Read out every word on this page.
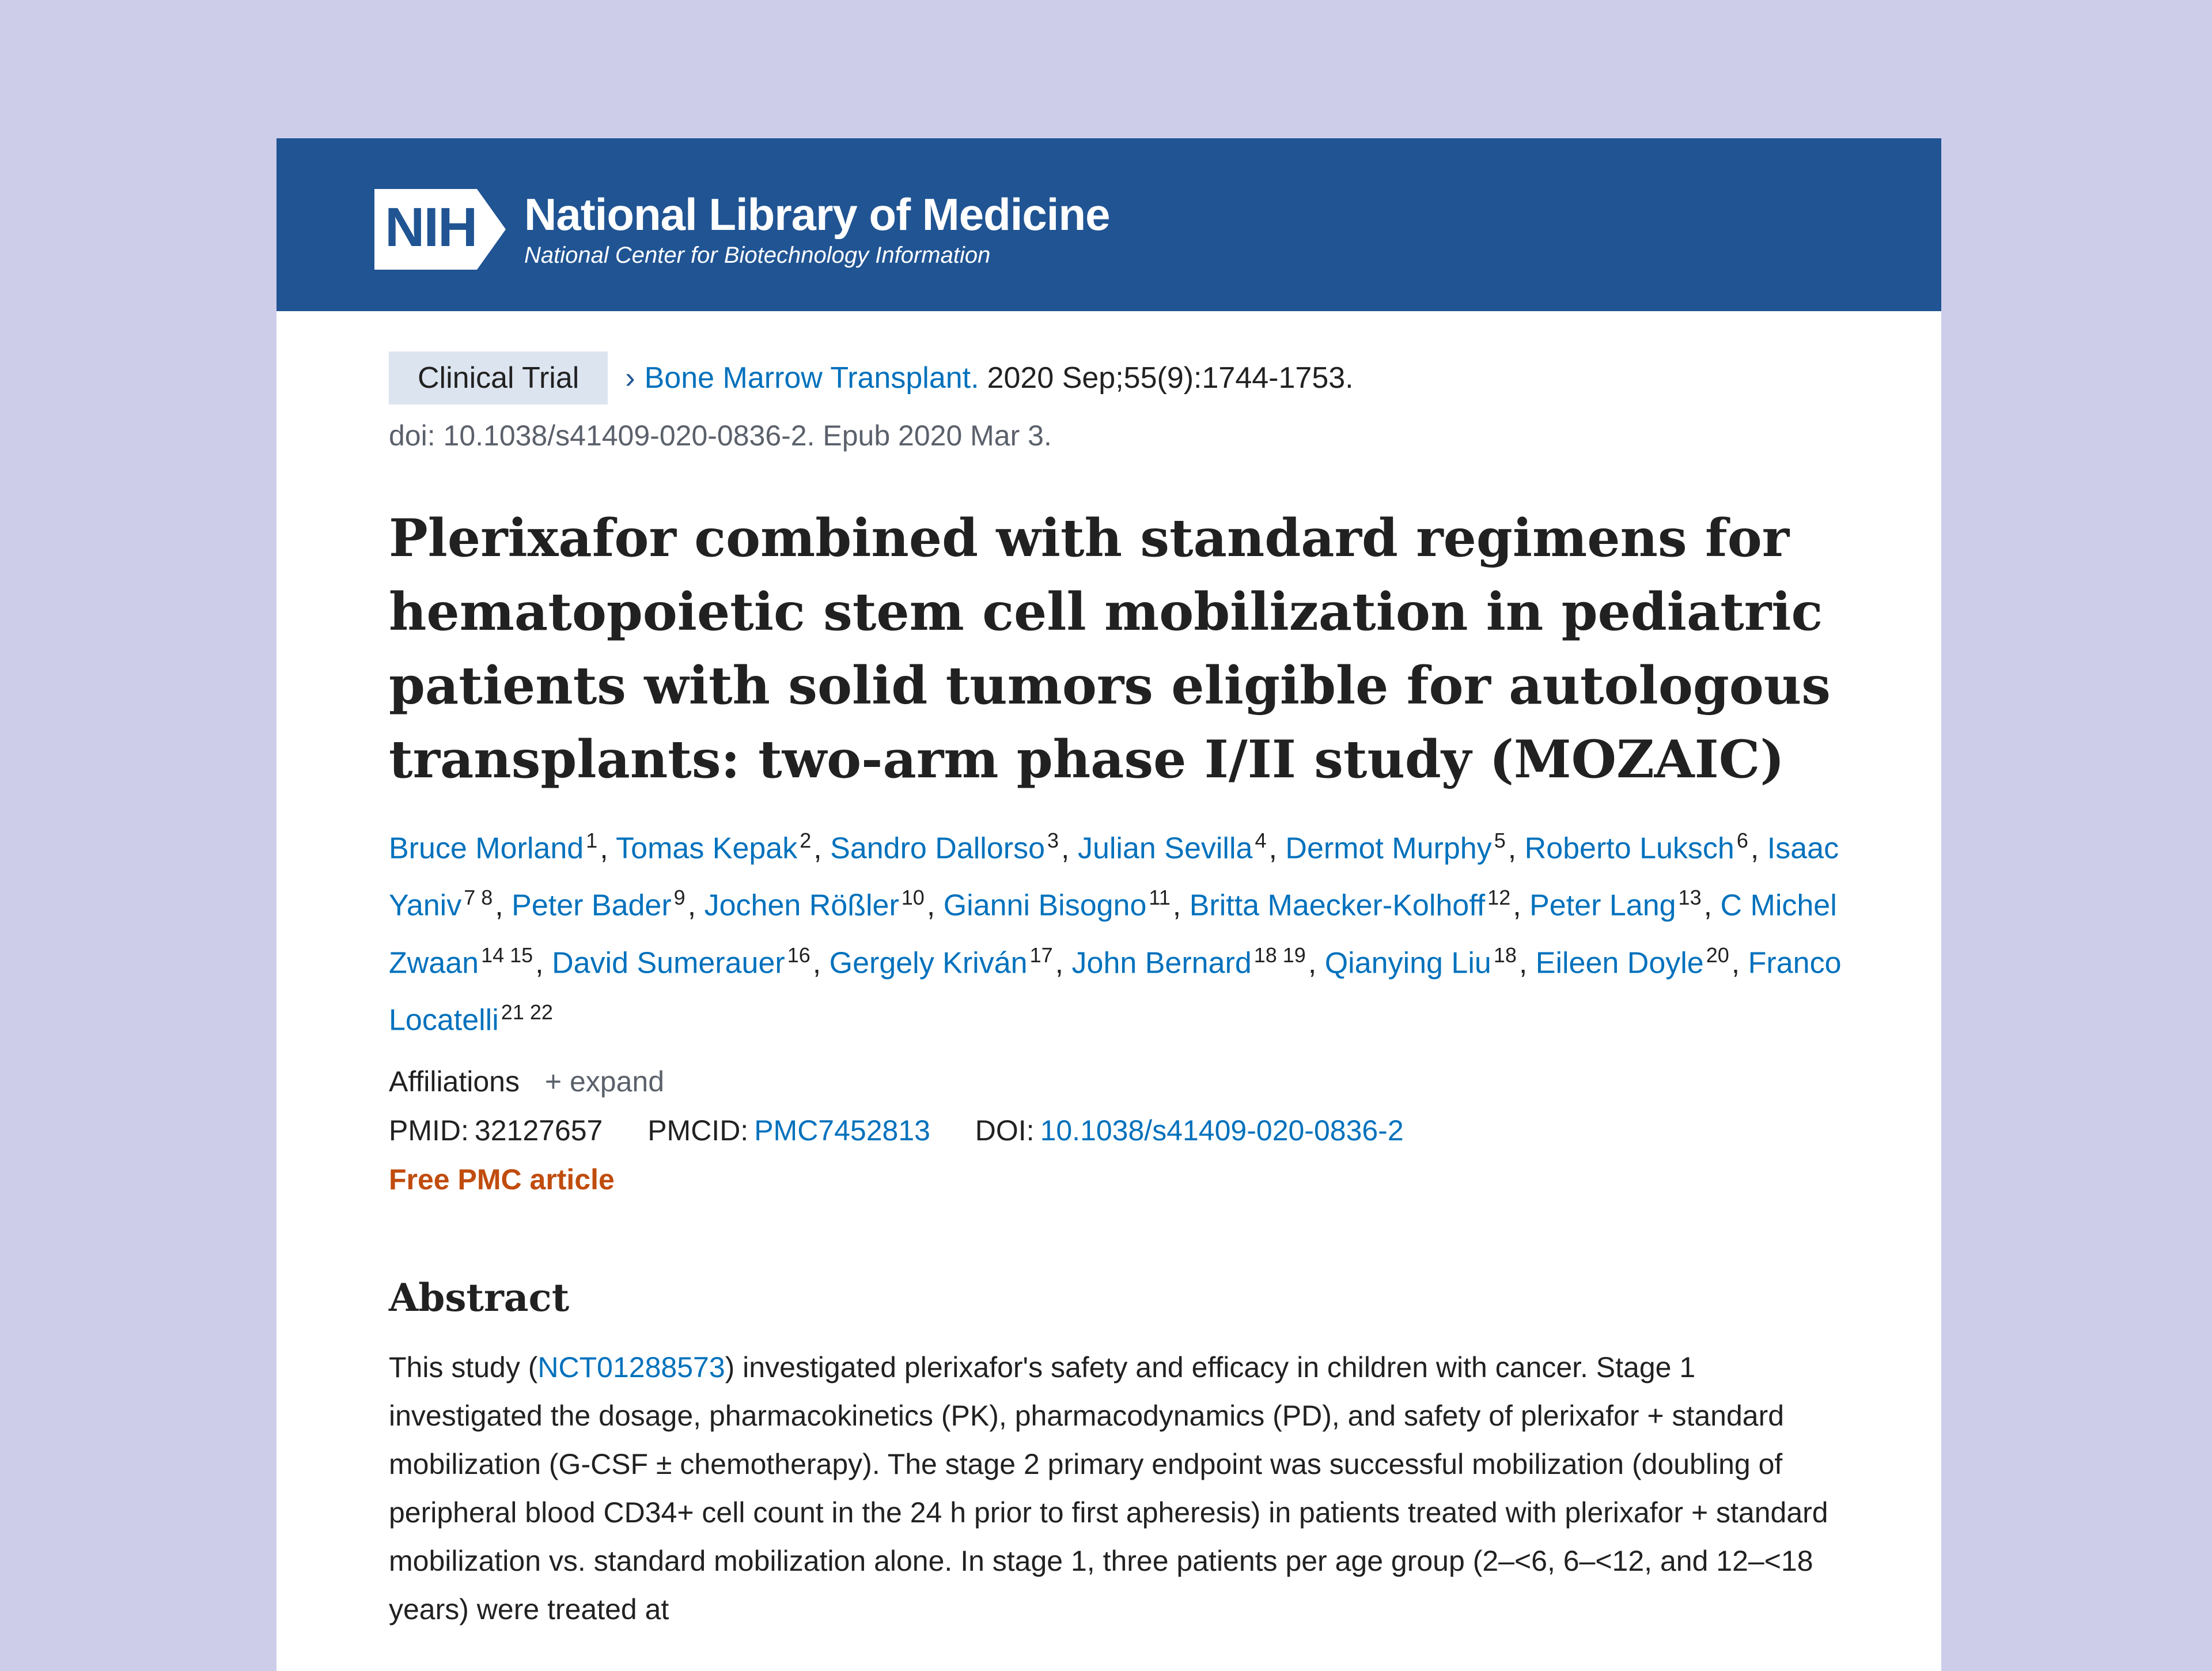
NIH National Library of Medicine
National Center for Biotechnology Information
Clinical Trial	› Bone Marrow Transplant. 2020 Sep;55(9):1744-1753.
doi: 10.1038/s41409-020-0836-2. Epub 2020 Mar 3.
Plerixafor combined with standard regimens for hematopoietic stem cell mobilization in pediatric patients with solid tumors eligible for autologous transplants: two-arm phase I/II study (MOZAIC)
Bruce Morland $^1$, Tomas Kepak $^2$, Sandro Dallorso $^3$, Julian Sevilla $^4$, Dermot Murphy $^5$, Roberto Luksch $^6$, Isaac Yaniv $^{7 8}$, Peter Bader $^9$, Jochen Rößler $^{10}$, Gianni Bisogno $^{11}$, Britta Maecker-Kolhoff $^{12}$, Peter Lang $^{13}$, C Michel Zwaan $^{14 15}$, David Sumerauer $^{16}$, Gergely Kriván $^{17}$, John Bernard $^{18 19}$, Qianying Liu $^{18}$, Eileen Doyle $^{20}$, Franco Locatelli $^{21 22}$
Affiliations + expand
PMID: 32127657 PMCID: PMC7452813 DOI: 10.1038/s41409-020-0836-2
Free PMC article
Abstract
This study (NCT01288573) investigated plerixafor's safety and efficacy in children with cancer. Stage 1 investigated the dosage, pharmacokinetics (PK), pharmacodynamics (PD), and safety of plerixafor + standard mobilization (G-CSF ± chemotherapy). The stage 2 primary endpoint was successful mobilization (doubling of peripheral blood CD34+ cell count in the 24 h prior to first apheresis) in patients treated with plerixafor + standard mobilization vs. standard mobilization alone. In stage 1, three patients per age group (2–<6, 6–<12, and 12–<18 years) were treated at
